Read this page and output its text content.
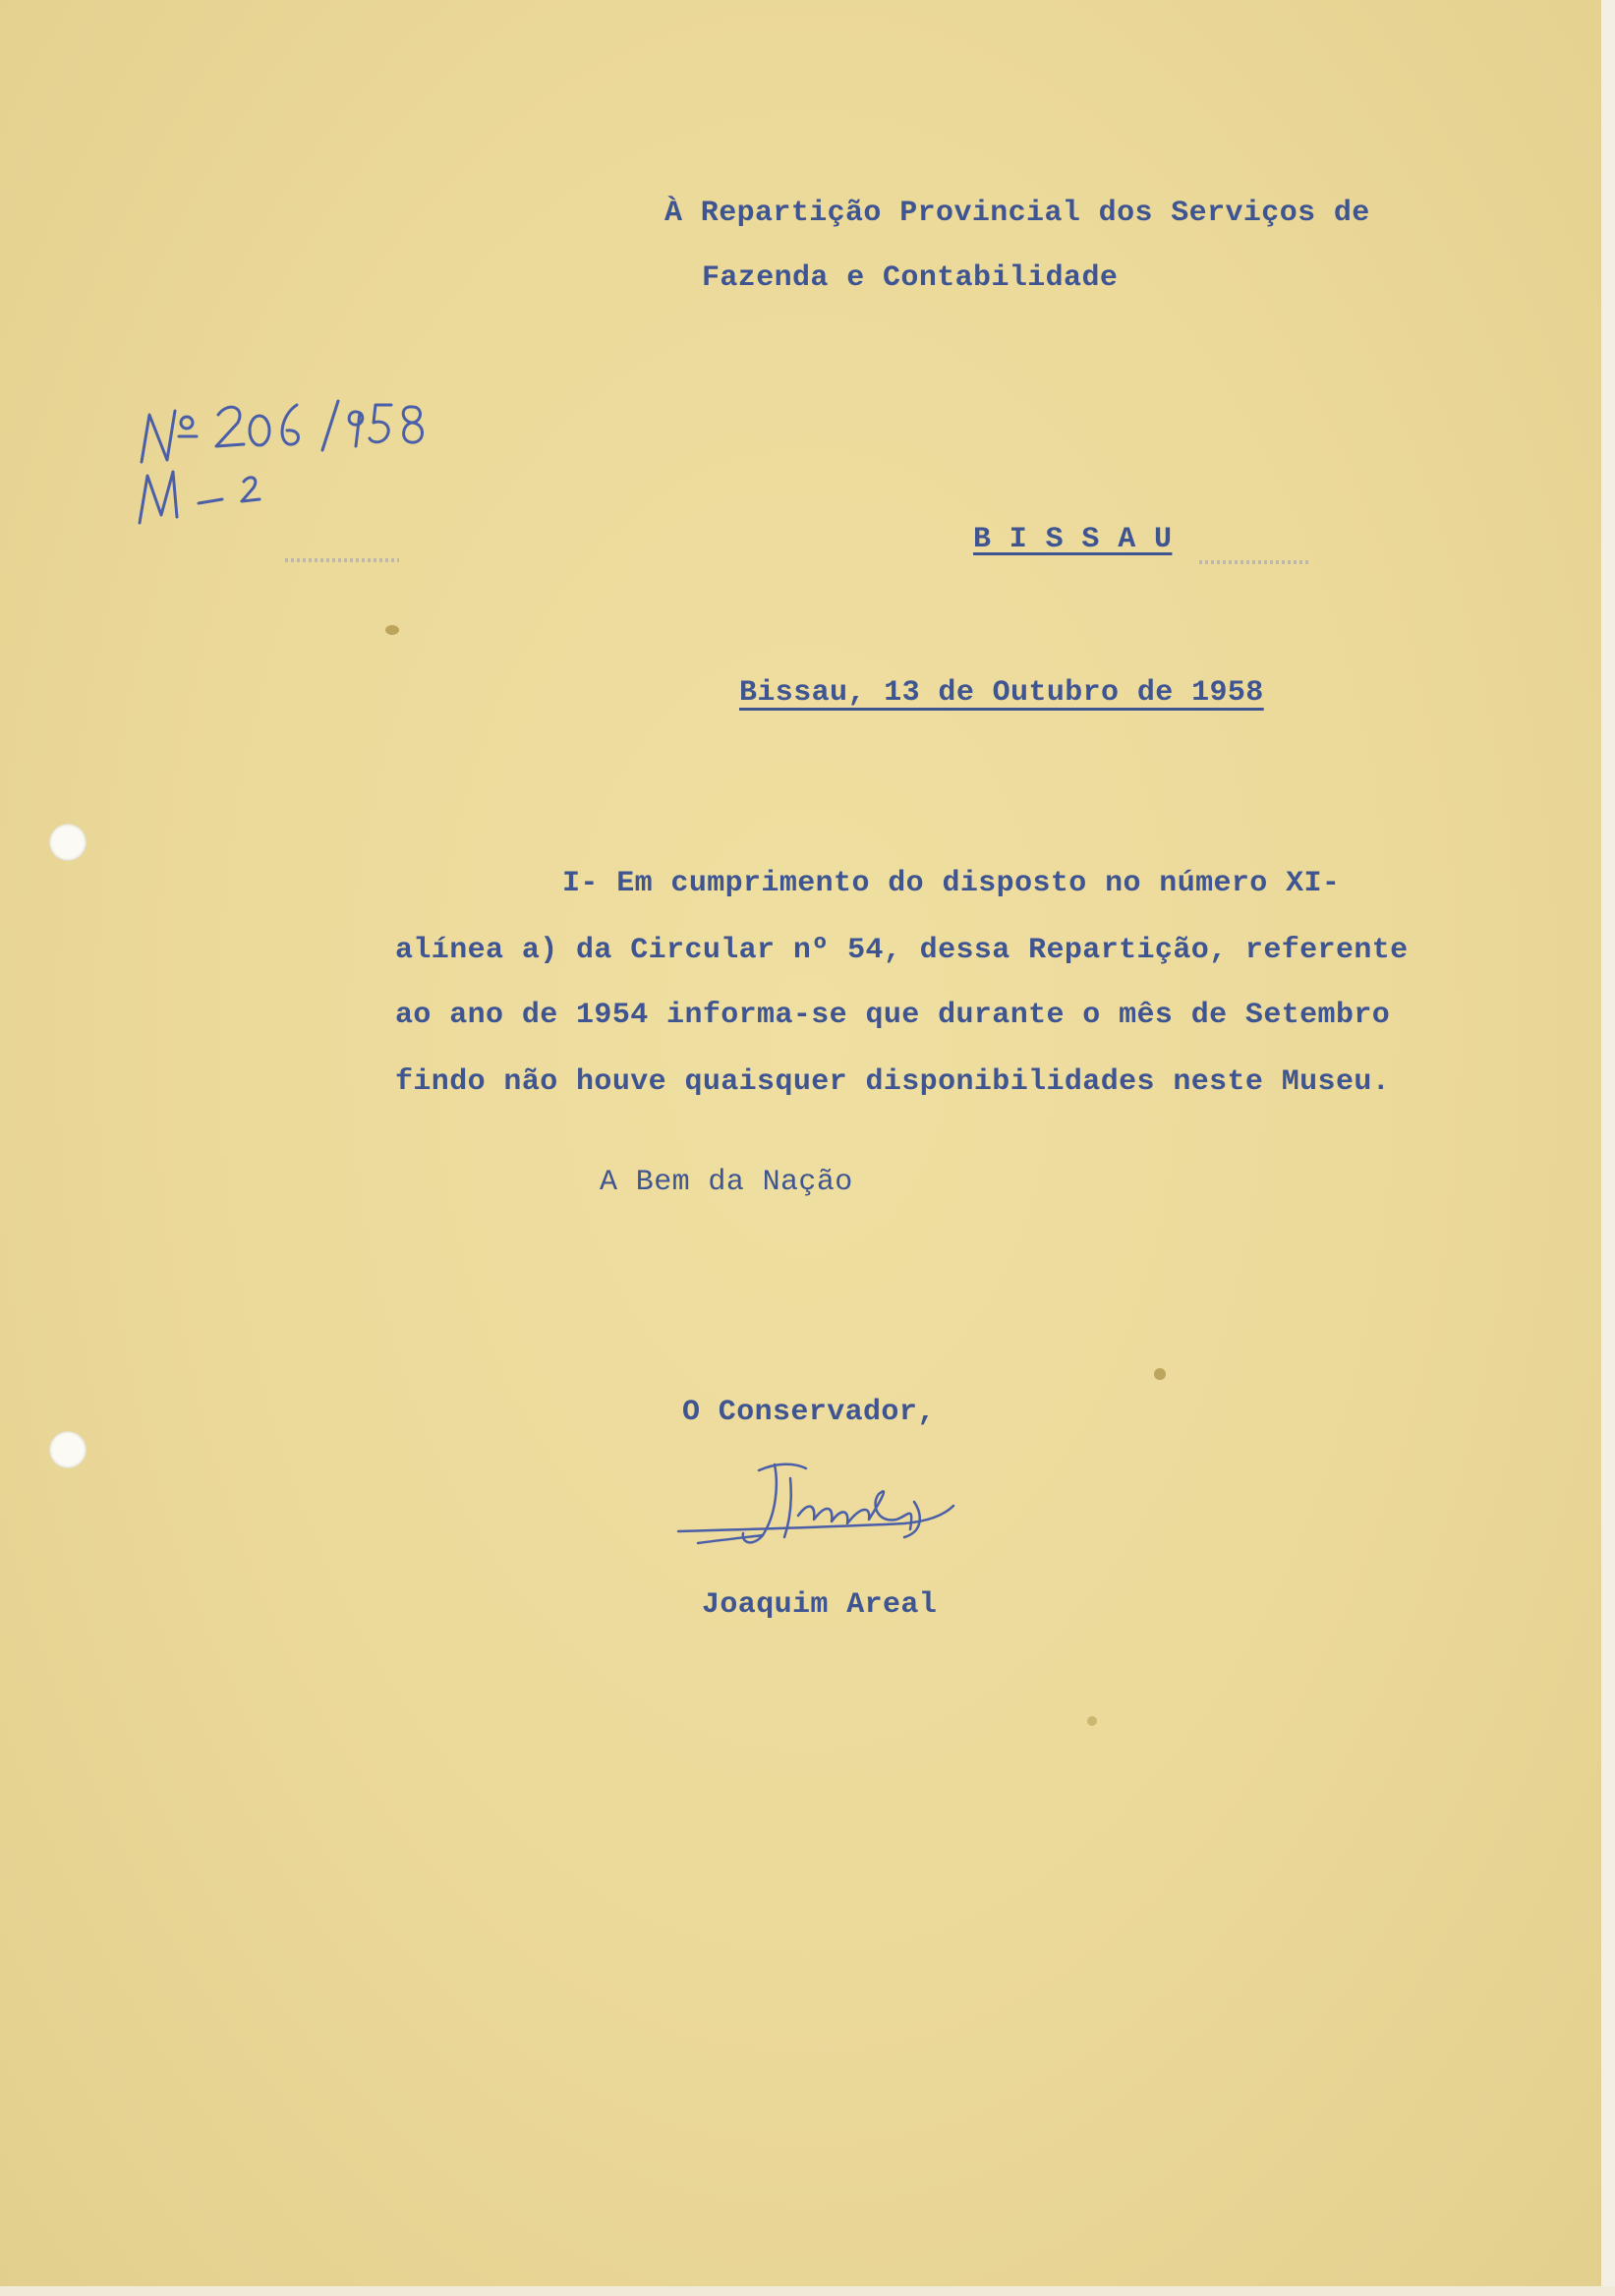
À Repartição Provincial dos Serviços de

Fazenda e Contabilidade

B I S S A U

Bissau, 13 de Outubro de 1958

I- Em cumprimento do disposto no número XI-

alínea a) da Circular nº 54, dessa Repartição, referente

ao ano de 1954 informa-se que durante o mês de Setembro

findo não houve quaisquer disponibilidades neste Museu.

A Bem da Nação

O Conservador,

Joaquim Areal
